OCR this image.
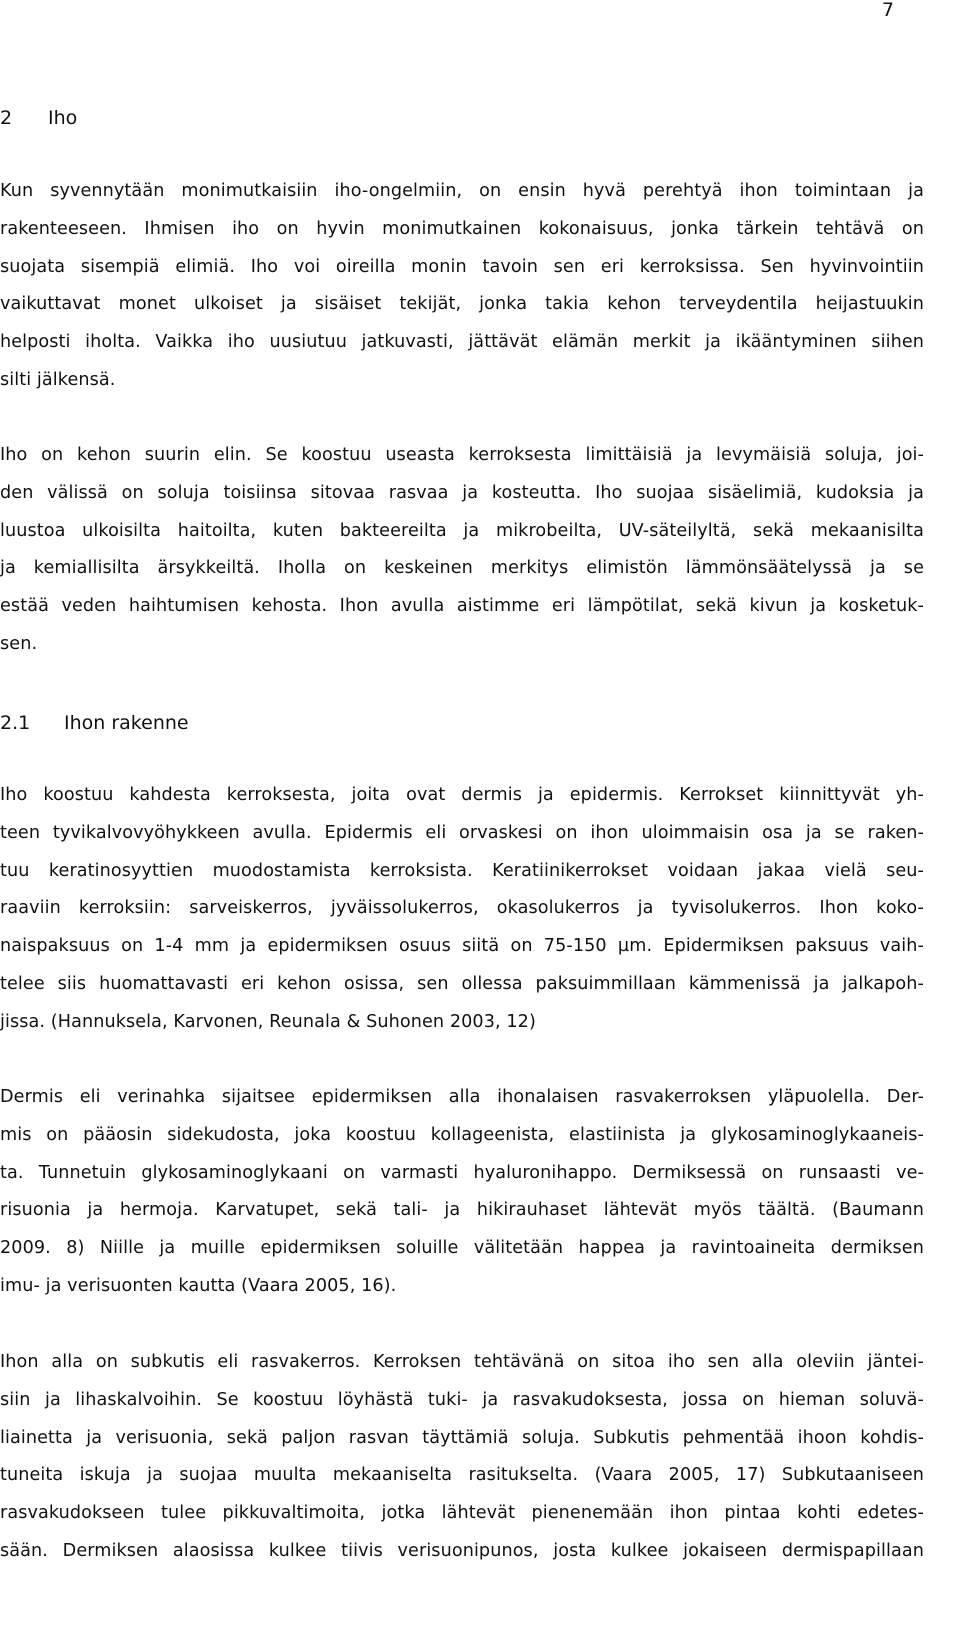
7
2 Iho
Kun syvennytään monimutkaisiin iho-ongelmiin, on ensin hyvä perehtyä ihon toimintaan ja
rakenteeseen. Ihmisen iho on hyvin monimutkainen kokonaisuus, jonka tärkein tehtävä on
suojata sisempiä elimiä. Iho voi oireilla monin tavoin sen eri kerroksissa. Sen hyvinvointiin
vaikuttavat monet ulkoiset ja sisäiset tekijät, jonka takia kehon terveydentila heijastuukin
helposti iholta. Vaikka iho uusiutuu jatkuvasti, jättävät elämän merkit ja ikääntyminen siihen
silti jälkensä.
Iho on kehon suurin elin. Se koostuu useasta kerroksesta limittäisiä ja levymäisiä soluja, joi-
den välissä on soluja toisiinsa sitovaa rasvaa ja kosteutta. Iho suojaa sisäelimiä, kudoksia ja
luustoa ulkoisilta haitoilta, kuten bakteereilta ja mikrobeilta, UV-säteilyltä, sekä mekaanisilta
ja kemiallisilta ärsykkeiltä. Iholla on keskeinen merkitys elimistön lämmönsäätelyssä ja se
estää veden haihtumisen kehosta. Ihon avulla aistimme eri lämpötilat, sekä kivun ja kosketuk-
sen.
2.1 Ihon rakenne
Iho koostuu kahdesta kerroksesta, joita ovat dermis ja epidermis. Kerrokset kiinnittyvät yh-
teen tyvikalvovyöhykkeen avulla. Epidermis eli orvaskesi on ihon uloimmaisin osa ja se raken-
tuu keratinosyyttien muodostamista kerroksista. Keratiinikerrokset voidaan jakaa vielä seu-
raaviin kerroksiin: sarveiskerros, jyväissolukerros, okasolukerros ja tyvisolukerros. Ihon koko-
naispaksuus on 1-4 mm ja epidermiksen osuus siitä on 75-150 µm. Epidermiksen paksuus vaih-
telee siis huomattavasti eri kehon osissa, sen ollessa paksuimmillaan kämmenissä ja jalkapoh-
jissa. (Hannuksela, Karvonen, Reunala & Suhonen 2003, 12)
Dermis eli verinahka sijaitsee epidermiksen alla ihonalaisen rasvakerroksen yläpuolella. Der-
mis on pääosin sidekudosta, joka koostuu kollageenista, elastiinista ja glykosaminoglykaaneis-
ta. Tunnetuin glykosaminoglykaani on varmasti hyaluronihappo. Dermiksessä on runsaasti ve-
risuonia ja hermoja. Karvatupet, sekä tali- ja hikirauhaset lähtevät myös täältä. (Baumann
2009. 8) Niille ja muille epidermiksen soluille välitetään happea ja ravintoaineita dermiksen
imu- ja verisuonten kautta (Vaara 2005, 16).
Ihon alla on subkutis eli rasvakerros. Kerroksen tehtävänä on sitoa iho sen alla oleviin jäntei-
siin ja lihaskalvoihin. Se koostuu löyhästä tuki- ja rasvakudoksesta, jossa on hieman soluvä-
liainetta ja verisuonia, sekä paljon rasvan täyttämiä soluja. Subkutis pehmentää ihoon kohdis-
tuneita iskuja ja suojaa muulta mekaaniselta rasitukselta. (Vaara 2005, 17) Subkutaaniseen
rasvakudokseen tulee pikkuvaltimoita, jotka lähtevät pienenemään ihon pintaa kohti edetes-
sään. Dermiksen alaosissa kulkee tiivis verisuonipunos, josta kulkee jokaiseen dermispapillaan
